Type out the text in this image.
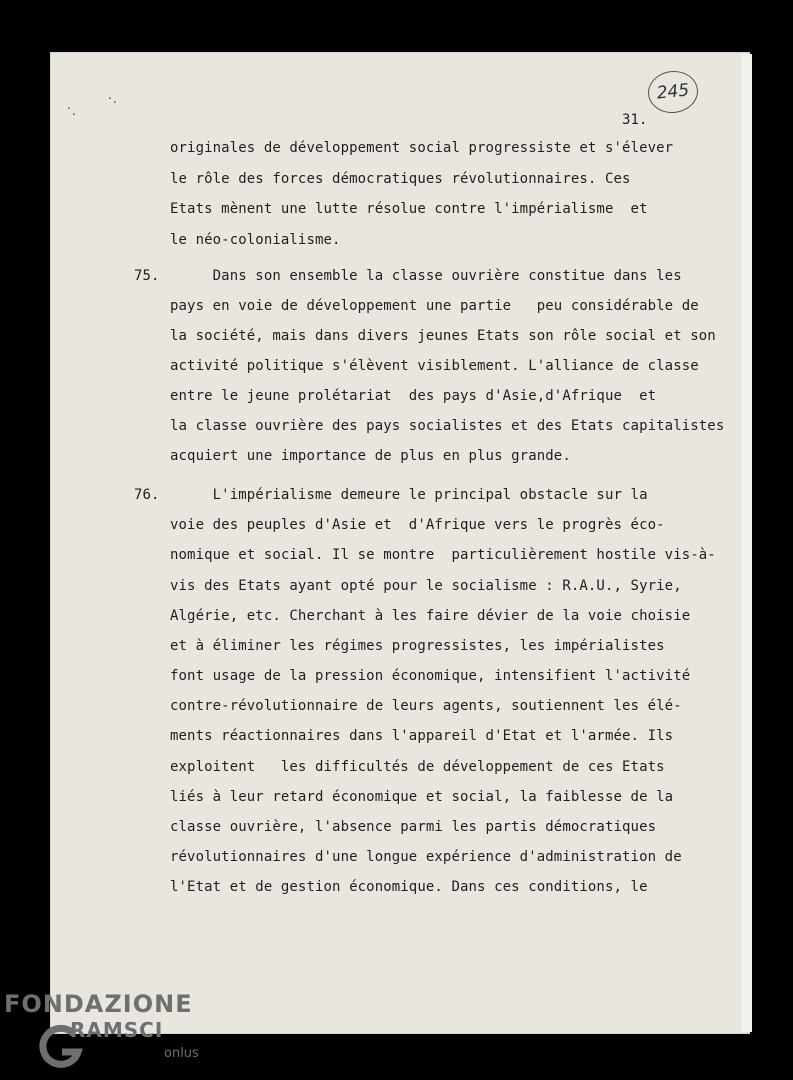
. .
. .	245
31.
originales de développement social progressiste et s'élever
le rôle des forces démocratiques révolutionnaires. Ces
Etats mènent une lutte résolue contre l'impérialisme  et
le néo-colonialisme.
Dans son ensemble la classe ouvrière constitue dans les
75.
pays en voie de développement une partie   peu considérable de
la société, mais dans divers jeunes Etats son rôle social et son
activité politique s'élèvent visiblement. L'alliance de classe
entre le jeune prolétariat  des pays d'Asie,d'Afrique  et
la classe ouvrière des pays socialistes et des Etats capitalistes
acquiert une importance de plus en plus grande.
L'impérialisme demeure le principal obstacle sur la
76.
voie des peuples d'Asie et  d'Afrique vers le progrès éco-
nomique et social. Il se montre  particulièrement hostile vis-à-
vis des Etats ayant opté pour le socialisme : R.A.U., Syrie,
Algérie, etc. Cherchant à les faire dévier de la voie choisie
et à éliminer les régimes progressistes, les impérialistes
font usage de la pression économique, intensifient l'activité
contre-révolutionnaire de leurs agents, soutiennent les élé-
ments réactionnaires dans l'appareil d'Etat et l'armée. Ils
exploitent   les difficultés de développement de ces Etats
liés à leur retard économique et social, la faiblesse de la
classe ouvrière, l'absence parmi les partis démocratiques
révolutionnaires d'une longue expérience d'administration de
l'Etat et de gestion économique. Dans ces conditions, le
FONDAZIONE
RAMSCI
onlus
